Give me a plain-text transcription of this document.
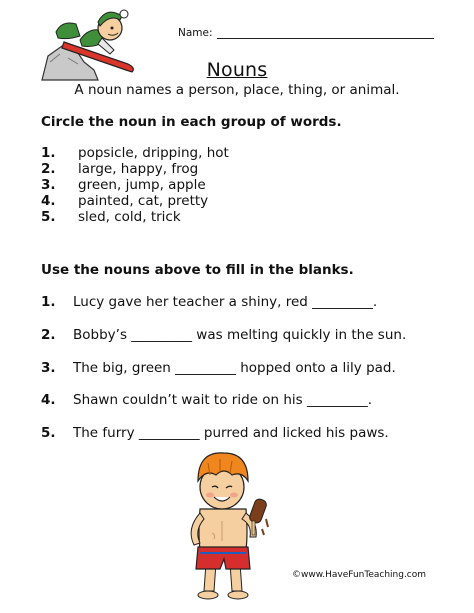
Name:
Nouns
A noun names a person, place, thing, or animal.
Circle the noun in each group of words.
1. popsicle, dripping, hot
2. large, happy, frog
3. green, jump, apple
4. painted, cat, pretty
5. sled, cold, trick
Use the nouns above to fill in the blanks.
1. Lucy gave her teacher a shiny, red _________.
2. Bobby’s _________ was melting quickly in the sun.
3. The big, green _________ hopped onto a lily pad.
4. Shawn couldn’t wait to ride on his _________.
5. The furry _________ purred and licked his paws.
©www.HaveFunTeaching.com
